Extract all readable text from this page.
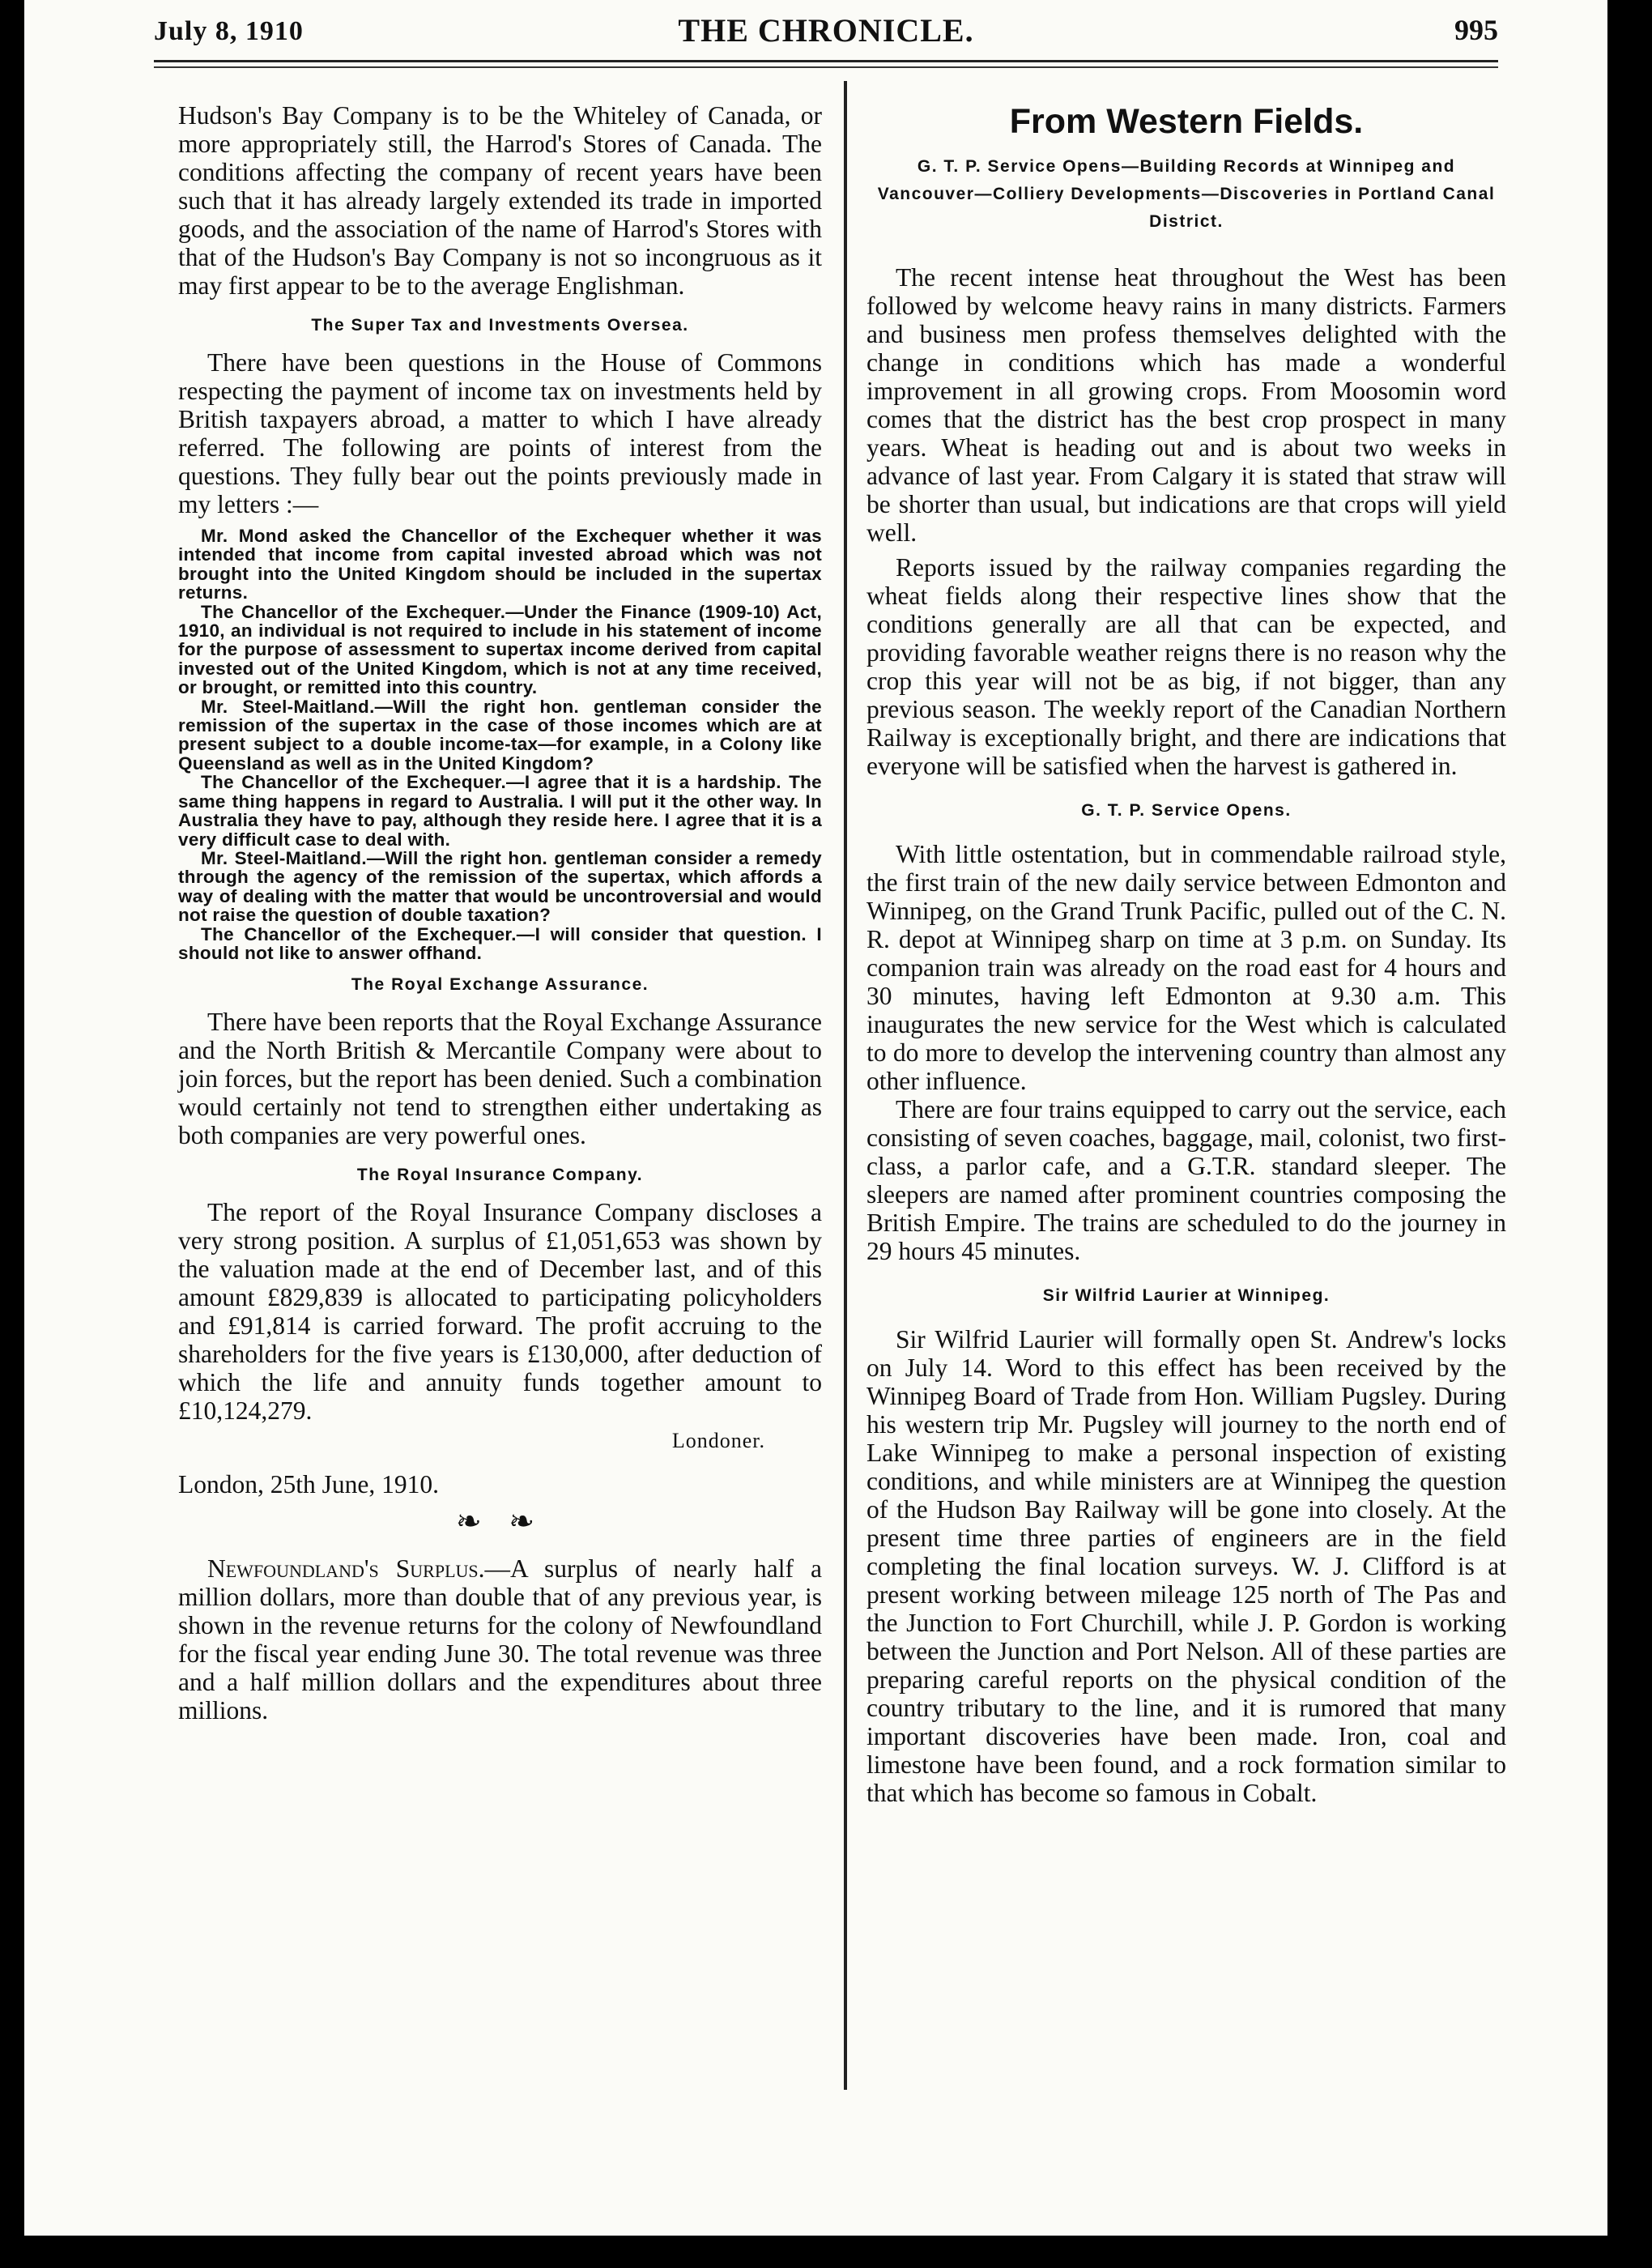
July 8, 1910	THE CHRONICLE.	995

Hudson's Bay Company is to be the Whiteley of Canada, or more appropriately still, the Harrod's Stores of Canada. The conditions affecting the company of recent years have been such that it has already largely extended its trade in imported goods, and the association of the name of Harrod's Stores with that of the Hudson's Bay Company is not so incongruous as it may first appear to be to the average Englishman.

The Super Tax and Investments Oversea.

There have been questions in the House of Commons respecting the payment of income tax on investments held by British taxpayers abroad, a matter to which I have already referred. The following are points of interest from the questions. They fully bear out the points previously made in my letters :—

Mr. Mond asked the Chancellor of the Exchequer whether it was intended that income from capital invested abroad which was not brought into the United Kingdom should be included in the supertax returns.

The Chancellor of the Exchequer.—Under the Finance (1909-10) Act, 1910, an individual is not required to include in his statement of income for the purpose of assessment to supertax income derived from capital invested out of the United Kingdom, which is not at any time received, or brought, or remitted into this country.

Mr. Steel-Maitland.—Will the right hon. gentleman consider the remission of the supertax in the case of those incomes which are at present subject to a double income-tax—for example, in a Colony like Queensland as well as in the United Kingdom?

The Chancellor of the Exchequer.—I agree that it is a hardship. The same thing happens in regard to Australia. I will put it the other way. In Australia they have to pay, although they reside here. I agree that it is a very difficult case to deal with.

Mr. Steel-Maitland.—Will the right hon. gentleman consider a remedy through the agency of the remission of the supertax, which affords a way of dealing with the matter that would be uncontroversial and would not raise the question of double taxation?

The Chancellor of the Exchequer.—I will consider that question. I should not like to answer offhand.

The Royal Exchange Assurance.

There have been reports that the Royal Exchange Assurance and the North British & Mercantile Company were about to join forces, but the report has been denied. Such a combination would certainly not tend to strengthen either undertaking as both companies are very powerful ones.

The Royal Insurance Company.

The report of the Royal Insurance Company discloses a very strong position. A surplus of £1,051,653 was shown by the valuation made at the end of December last, and of this amount £829,839 is allocated to participating policyholders and £91,814 is carried forward. The profit accruing to the shareholders for the five years is £130,000, after deduction of which the life and annuity funds together amount to £10,124,279.

Londoner.
London, 25th June, 1910.
❧ ❧

Newfoundland's Surplus.—A surplus of nearly half a million dollars, more than double that of any previous year, is shown in the revenue returns for the colony of Newfoundland for the fiscal year ending June 30. The total revenue was three and a half million dollars and the expenditures about three millions.

From Western Fields.
G. T. P. Service Opens—Building Records at Winnipeg and Vancouver—Colliery Developments—Discoveries in Portland Canal District.

The recent intense heat throughout the West has been followed by welcome heavy rains in many districts. Farmers and business men profess themselves delighted with the change in conditions which has made a wonderful improvement in all growing crops. From Moosomin word comes that the district has the best crop prospect in many years. Wheat is heading out and is about two weeks in advance of last year. From Calgary it is stated that straw will be shorter than usual, but indications are that crops will yield well.

Reports issued by the railway companies regarding the wheat fields along their respective lines show that the conditions generally are all that can be expected, and providing favorable weather reigns there is no reason why the crop this year will not be as big, if not bigger, than any previous season. The weekly report of the Canadian Northern Railway is exceptionally bright, and there are indications that everyone will be satisfied when the harvest is gathered in.

G. T. P. Service Opens.

With little ostentation, but in commendable railroad style, the first train of the new daily service between Edmonton and Winnipeg, on the Grand Trunk Pacific, pulled out of the C. N. R. depot at Winnipeg sharp on time at 3 p.m. on Sunday. Its companion train was already on the road east for 4 hours and 30 minutes, having left Edmonton at 9.30 a.m. This inaugurates the new service for the West which is calculated to do more to develop the intervening country than almost any other influence.

There are four trains equipped to carry out the service, each consisting of seven coaches, baggage, mail, colonist, two first-class, a parlor cafe, and a G.T.R. standard sleeper. The sleepers are named after prominent countries composing the British Empire. The trains are scheduled to do the journey in 29 hours 45 minutes.

Sir Wilfrid Laurier at Winnipeg.

Sir Wilfrid Laurier will formally open St. Andrew's locks on July 14. Word to this effect has been received by the Winnipeg Board of Trade from Hon. William Pugsley. During his western trip Mr. Pugsley will journey to the north end of Lake Winnipeg to make a personal inspection of existing conditions, and while ministers are at Winnipeg the question of the Hudson Bay Railway will be gone into closely. At the present time three parties of engineers are in the field completing the final location surveys. W. J. Clifford is at present working between mileage 125 north of The Pas and the Junction to Fort Churchill, while J. P. Gordon is working between the Junction and Port Nelson. All of these parties are preparing careful reports on the physical condition of the country tributary to the line, and it is rumored that many important discoveries have been made. Iron, coal and limestone have been found, and a rock formation similar to that which has become so famous in Cobalt.
